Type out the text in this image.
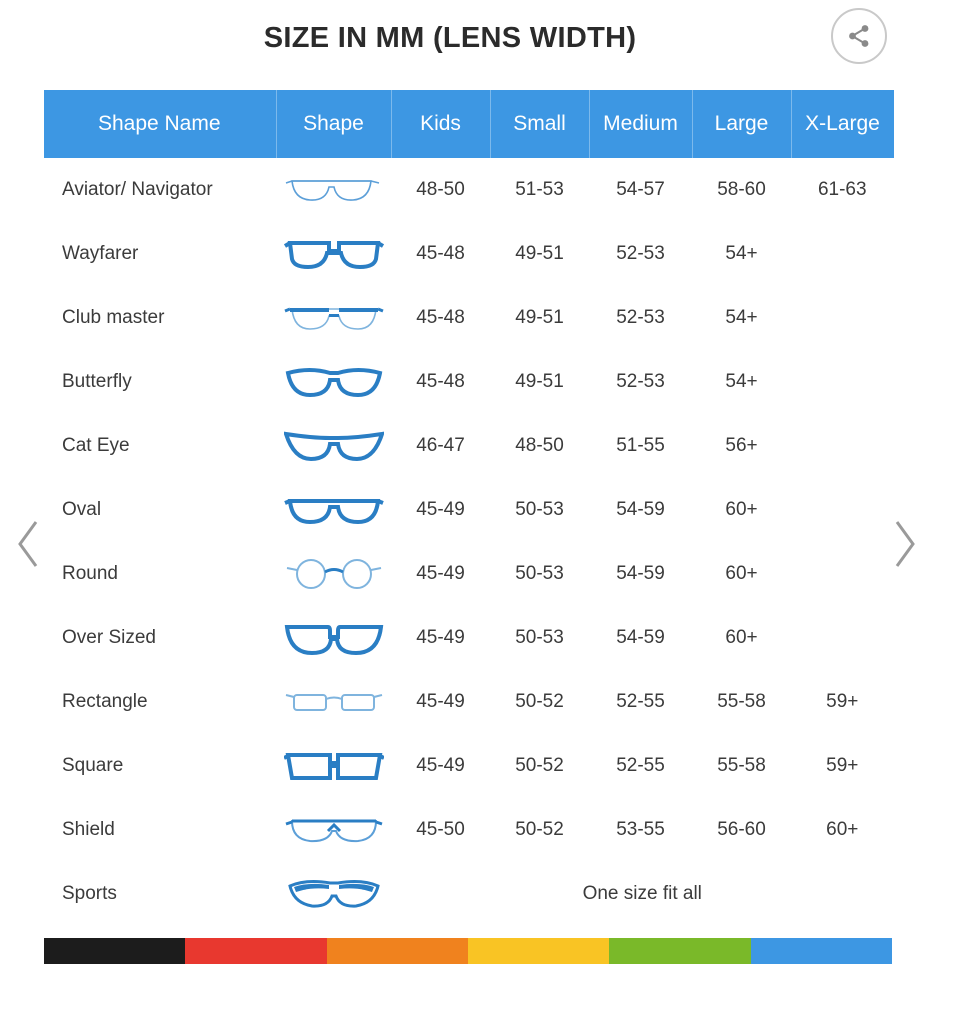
SIZE IN MM (LENS WIDTH)
Shape Name	Shape	Kids	Small	Medium	Large	X-Large
Aviator/ Navigator		48-50	51-53	54-57	58-60	61-63
Wayfarer		45-48	49-51	52-53	54+	
Club master		45-48	49-51	52-53	54+	
Butterfly		45-48	49-51	52-53	54+	
Cat Eye		46-47	48-50	51-55	56+	
Oval		45-49	50-53	54-59	60+	
Round		45-49	50-53	54-59	60+	
Over Sized		45-49	50-53	54-59	60+	
Rectangle		45-49	50-52	52-55	55-58	59+
Square		45-49	50-52	52-55	55-58	59+
Shield		45-50	50-52	53-55	56-60	60+
Sports		One size fit all				
